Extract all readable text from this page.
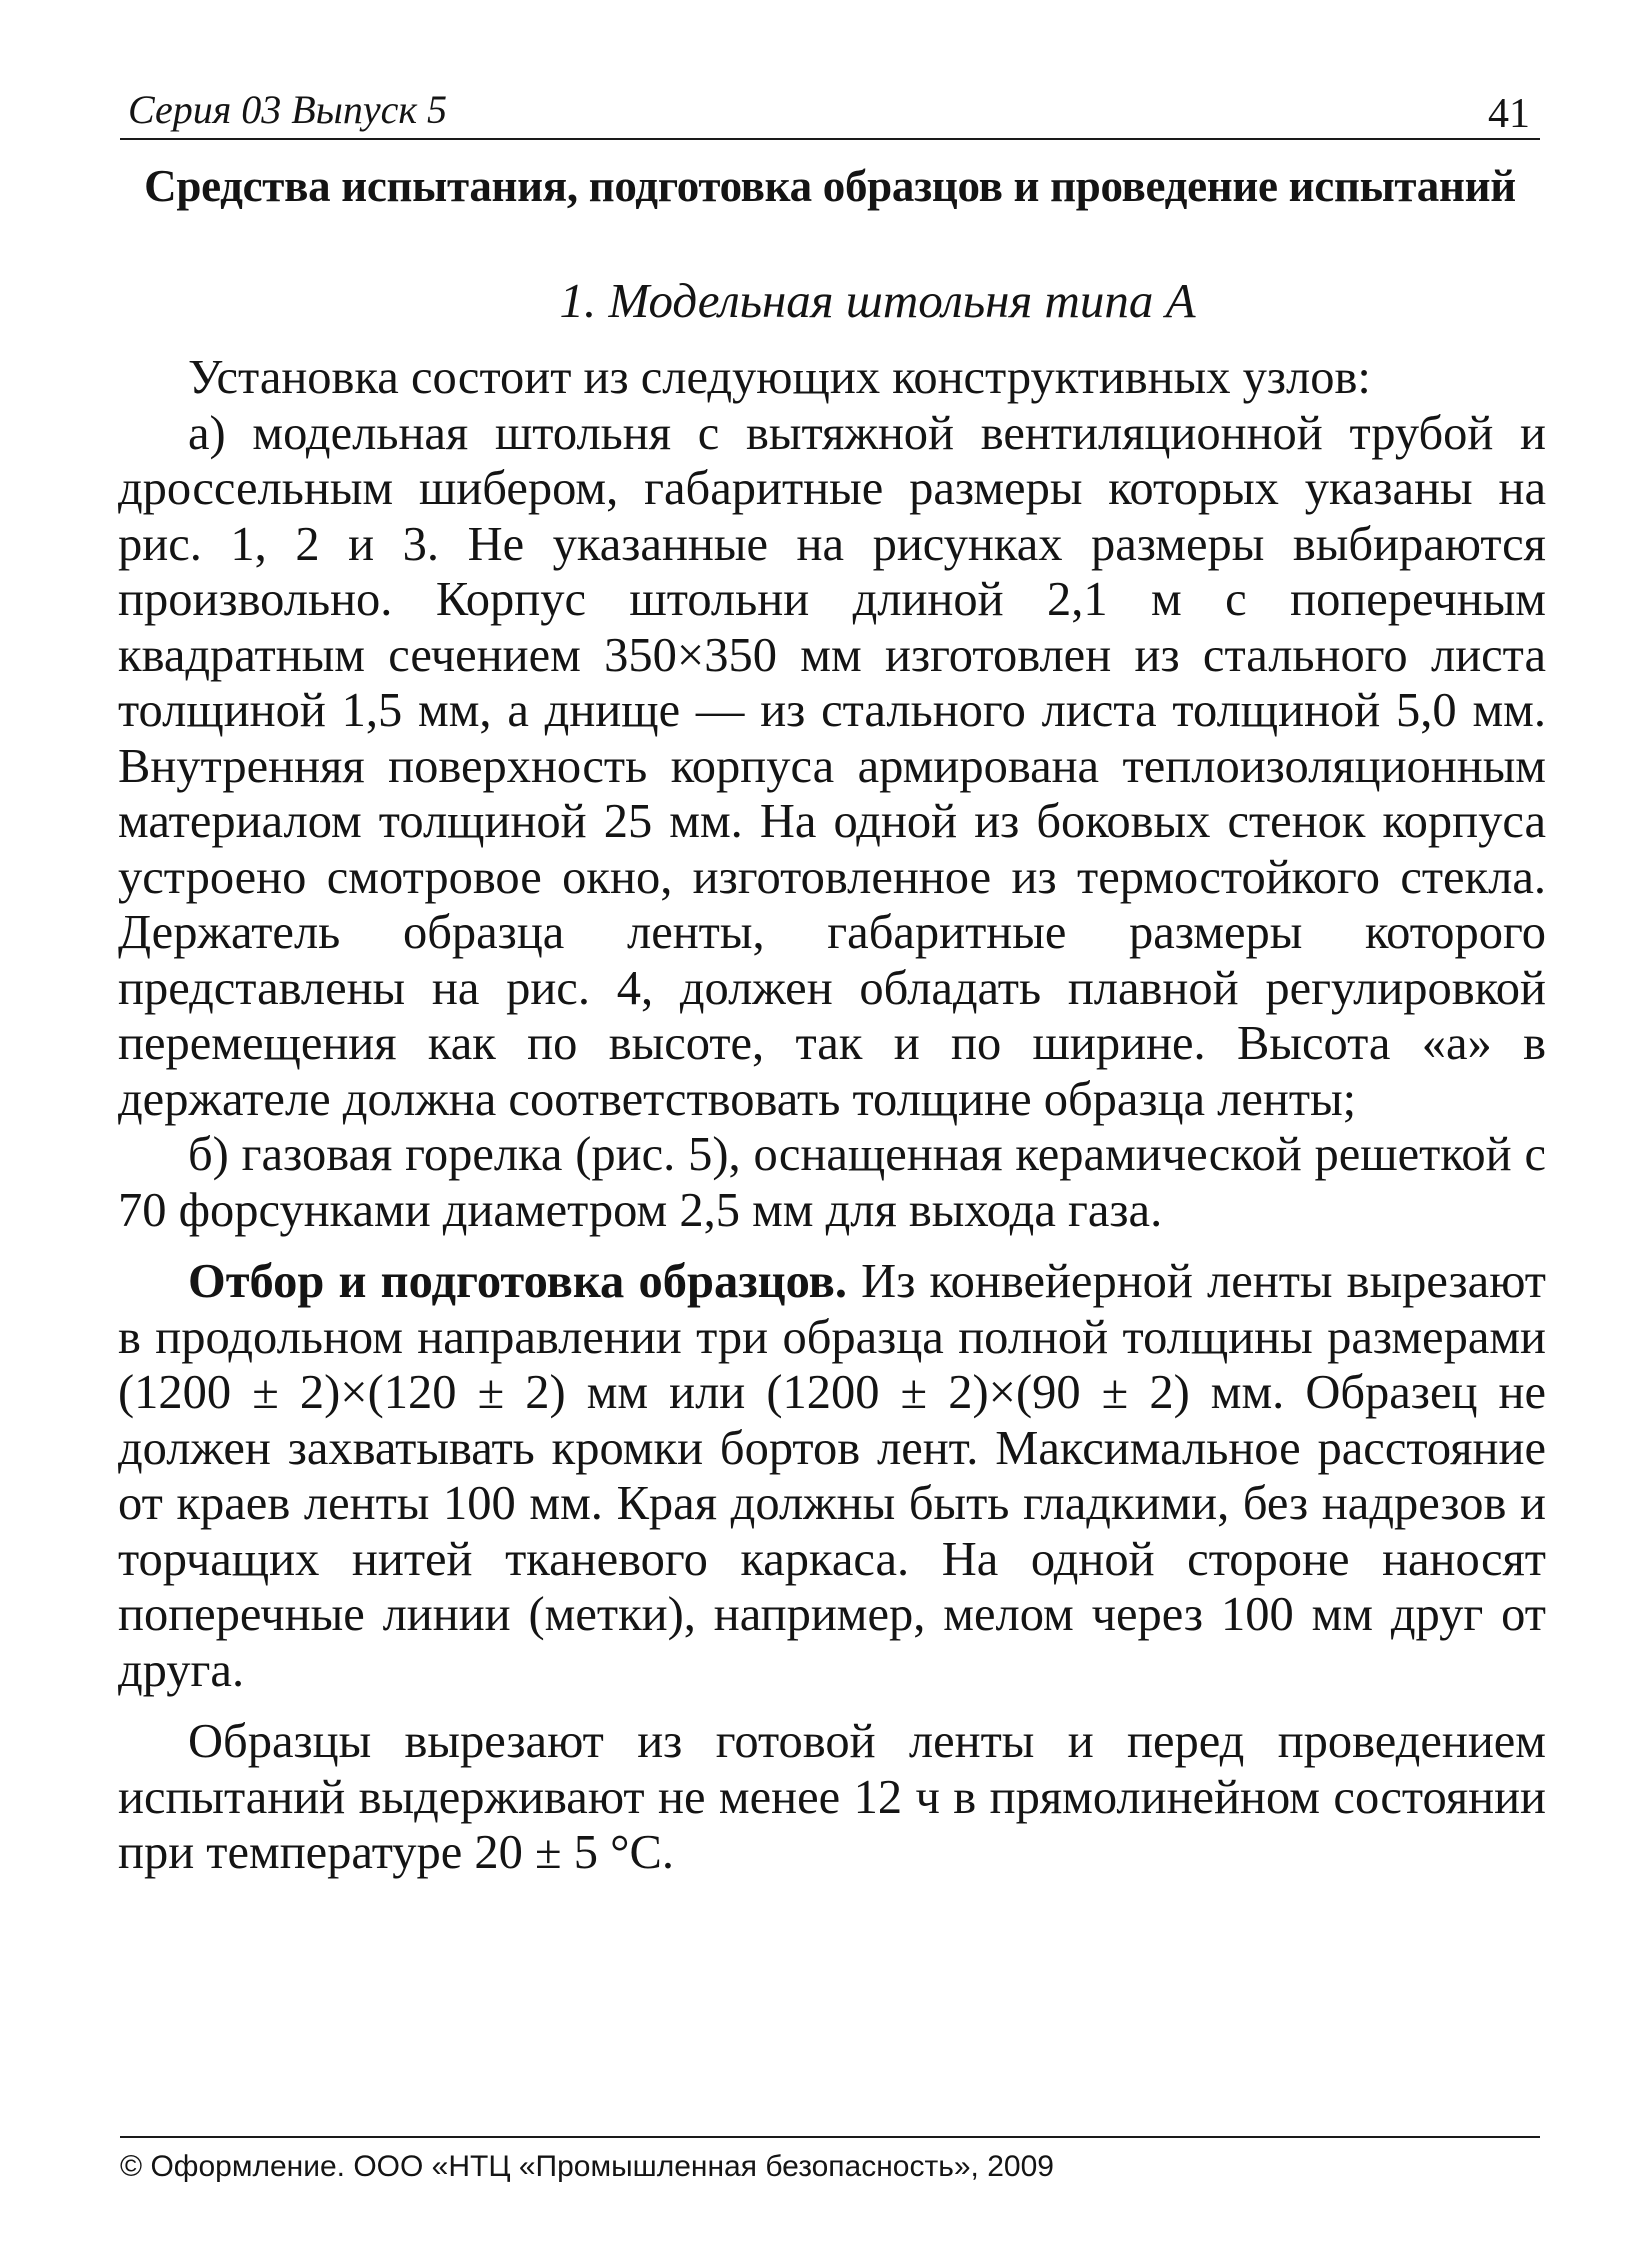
Серия 03 Выпуск 5	41
Средства испытания, подготовка образцов и проведение испытаний
1. Модельная штольня типа А

Установка состоит из следующих конструктивных узлов:

а) модельная штольня с вытяжной вентиляционной трубой и дроссельным шибером, габаритные размеры которых указаны на рис. 1, 2 и 3. Не указанные на рисунках размеры выбираются произвольно. Корпус штольни длиной 2,1 м с поперечным квадратным сечением 350×350 мм изготовлен из стального листа толщиной 1,5 мм, а днище — из стального листа толщиной 5,0 мм. Внутренняя поверхность корпуса армирована теплоизоляционным материалом толщиной 25 мм. На одной из боковых стенок корпуса устроено смотровое окно, изготовленное из термостойкого стекла. Держатель образца ленты, габаритные размеры которого представлены на рис. 4, должен обладать плавной регулировкой перемещения как по высоте, так и по ширине. Высота «а» в держателе должна соответствовать толщине образца ленты;

б) газовая горелка (рис. 5), оснащенная керамической решеткой с 70 форсунками диаметром 2,5 мм для выхода газа.

Отбор и подготовка образцов. Из конвейерной ленты вырезают в продольном направлении три образца полной толщины размерами (1200 ± 2)×(120 ± 2) мм или (1200 ± 2)×(90 ± 2) мм. Образец не должен захватывать кромки бортов лент. Максимальное расстояние от краев ленты 100 мм. Края должны быть гладкими, без надрезов и торчащих нитей тканевого каркаса. На одной стороне наносят поперечные линии (метки), например, мелом через 100 мм друг от друга.

Образцы вырезают из готовой ленты и перед проведением испытаний выдерживают не менее 12 ч в прямолинейном состоянии при температуре 20 ± 5 °С.

© Оформление. ООО «НТЦ «Промышленная безопасность», 2009
